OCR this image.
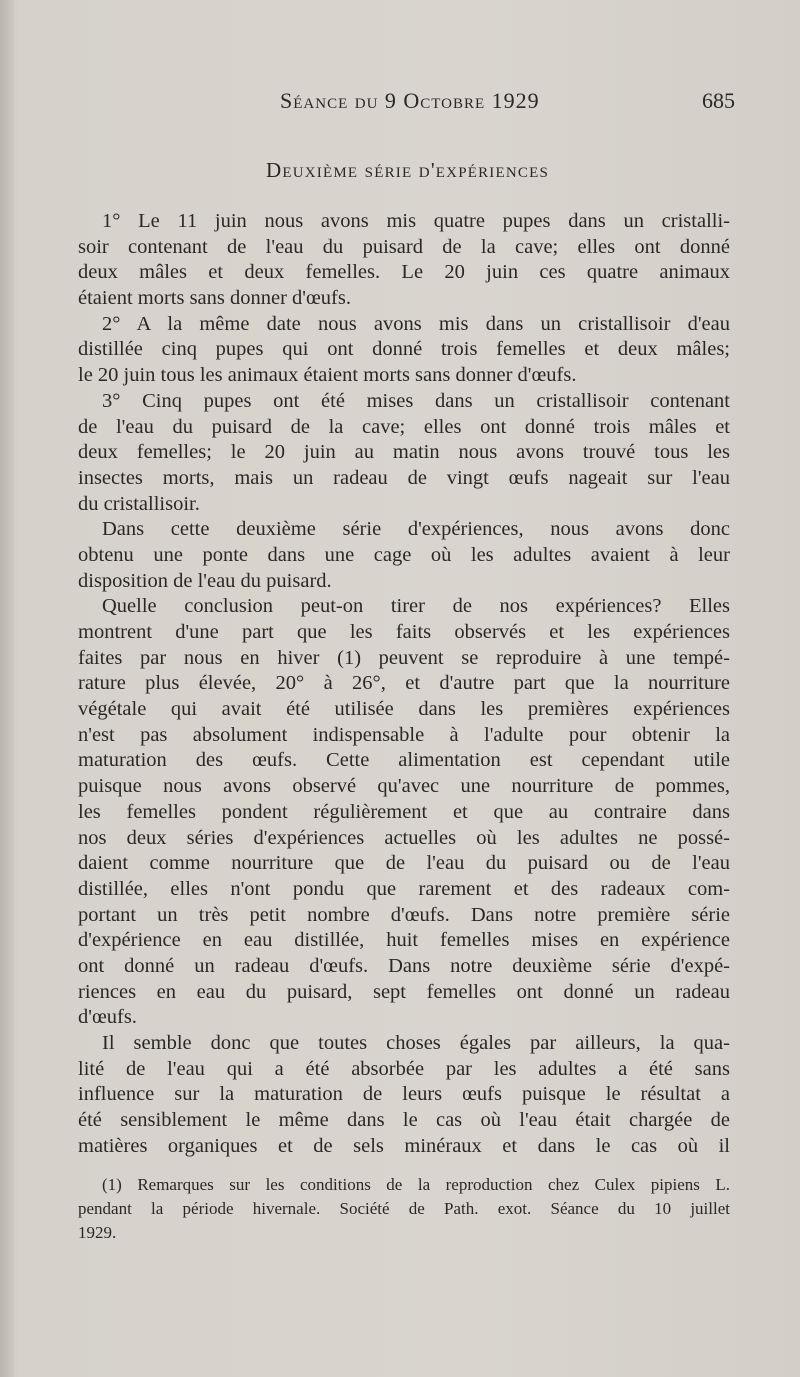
Séance du 9 Octobre 1929	685
Deuxième série d'expériences
1° Le 11 juin nous avons mis quatre pupes dans un cristalli-
soir contenant de l'eau du puisard de la cave; elles ont donné
deux mâles et deux femelles. Le 20 juin ces quatre animaux
étaient morts sans donner d'œufs.
2° A la même date nous avons mis dans un cristallisoir d'eau
distillée cinq pupes qui ont donné trois femelles et deux mâles;
le 20 juin tous les animaux étaient morts sans donner d'œufs.
3° Cinq pupes ont été mises dans un cristallisoir contenant
de l'eau du puisard de la cave; elles ont donné trois mâles et
deux femelles; le 20 juin au matin nous avons trouvé tous les
insectes morts, mais un radeau de vingt œufs nageait sur l'eau
du cristallisoir.
Dans cette deuxième série d'expériences, nous avons donc
obtenu une ponte dans une cage où les adultes avaient à leur
disposition de l'eau du puisard.
Quelle conclusion peut-on tirer de nos expériences? Elles
montrent d'une part que les faits observés et les expériences
faites par nous en hiver (1) peuvent se reproduire à une tempé-
rature plus élevée, 20° à 26°, et d'autre part que la nourriture
végétale qui avait été utilisée dans les premières expériences
n'est pas absolument indispensable à l'adulte pour obtenir la
maturation des œufs. Cette alimentation est cependant utile
puisque nous avons observé qu'avec une nourriture de pommes,
les femelles pondent régulièrement et que au contraire dans
nos deux séries d'expériences actuelles où les adultes ne possé-
daient comme nourriture que de l'eau du puisard ou de l'eau
distillée, elles n'ont pondu que rarement et des radeaux com-
portant un très petit nombre d'œufs. Dans notre première série
d'expérience en eau distillée, huit femelles mises en expérience
ont donné un radeau d'œufs. Dans notre deuxième série d'expé-
riences en eau du puisard, sept femelles ont donné un radeau
d'œufs.
Il semble donc que toutes choses égales par ailleurs, la qua-
lité de l'eau qui a été absorbée par les adultes a été sans
influence sur la maturation de leurs œufs puisque le résultat a
été sensiblement le même dans le cas où l'eau était chargée de
matières organiques et de sels minéraux et dans le cas où il
(1) Remarques sur les conditions de la reproduction chez Culex pipiens L.
pendant la période hivernale. Société de Path. exot. Séance du 10 juillet
1929.
